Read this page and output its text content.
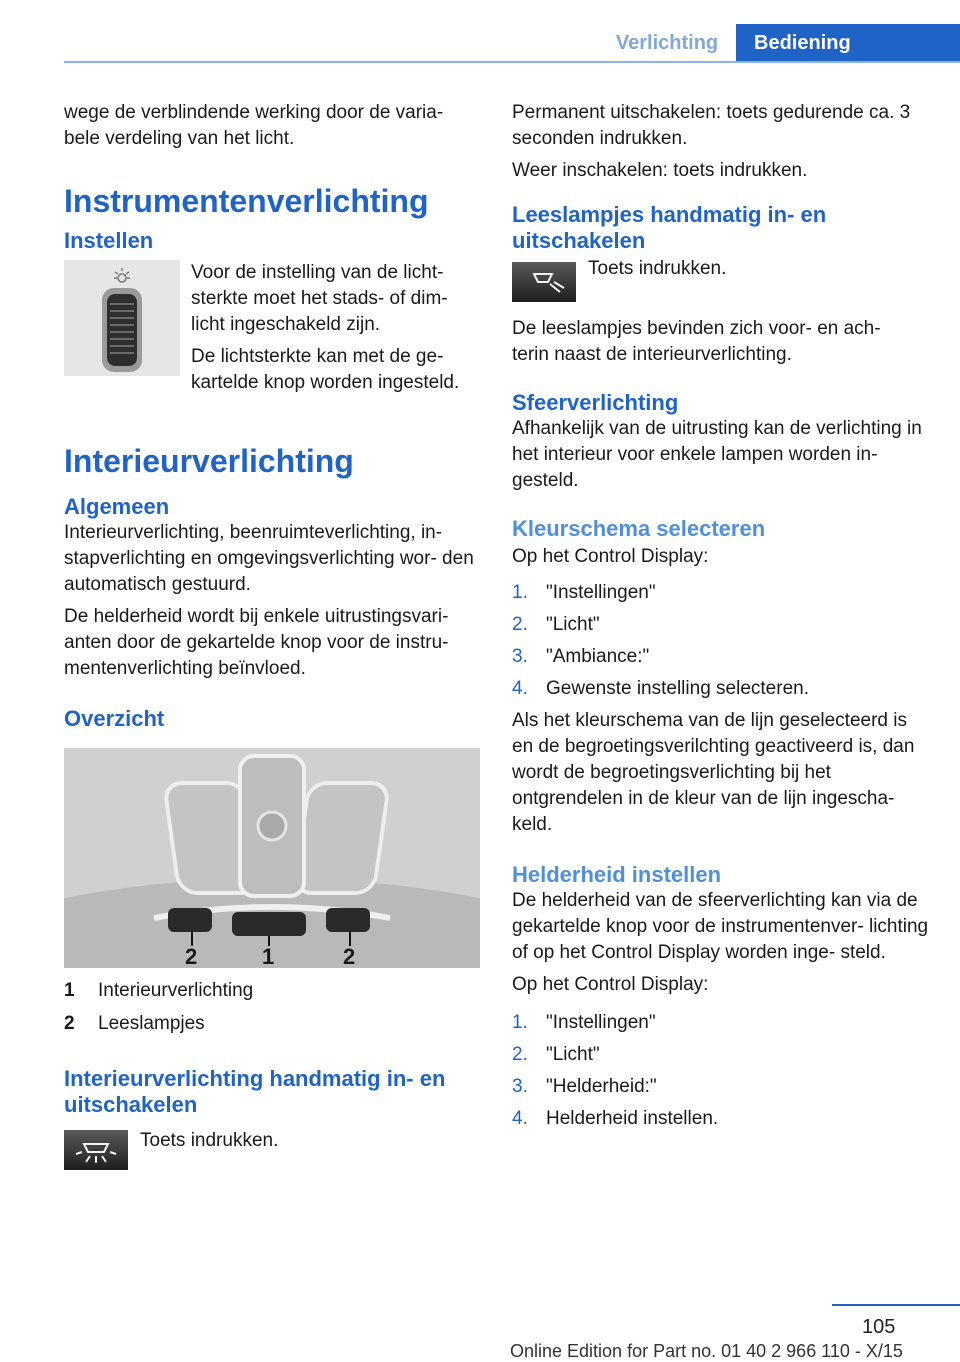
Verlichting	Bediening

wege de verblindende werking door de varia‐ bele verdeling van het licht.

Instrumentenverlichting
Instellen

Voor de instelling van de licht‐ sterkte moet het stads- of dim‐ licht ingeschakeld zijn.

De lichtsterkte kan met de ge‐ kartelde knop worden ingesteld.

Interieurverlichting
Algemeen

Interieurverlichting, beenruimteverlichting, in‐ stapverlichting en omgevingsverlichting wor‐ den automatisch gestuurd.

De helderheid wordt bij enkele uitrustingsvari‐ anten door de gekartelde knop voor de instru‐ mentenverlichting beïnvloed.

Overzicht
2	1	2
1	Interieurverlichting
2	Leeslampjes
Interieurverlichting handmatig in- en uitschakelen

Toets indrukken.

Permanent uitschakelen: toets gedurende ca. 3 seconden indrukken.

Weer inschakelen: toets indrukken.

Leeslampjes handmatig in- en uitschakelen

Toets indrukken.

De leeslampjes bevinden zich voor- en ach‐ terin naast de interieurverlichting.

Sfeerverlichting

Afhankelijk van de uitrusting kan de verlichting in het interieur voor enkele lampen worden in‐ gesteld.

Kleurschema selecteren

Op het Control Display:

1. "Instellingen"
2. "Licht"
3. "Ambiance:"
4. Gewenste instelling selecteren.

Als het kleurschema van de lijn geselecteerd is en de begroetingsverilchting geactiveerd is, dan wordt de begroetingsverlichting bij het ontgrendelen in de kleur van de lijn ingescha‐ keld.

Helderheid instellen

De helderheid van de sfeerverlichting kan via de gekartelde knop voor de instrumentenver‐ lichting of op het Control Display worden inge‐ steld.

Op het Control Display:

1. "Instellingen"
2. "Licht"
3. "Helderheid:"
4. Helderheid instellen.
105
Online Edition for Part no. 01 40 2 966 110 - X/15
